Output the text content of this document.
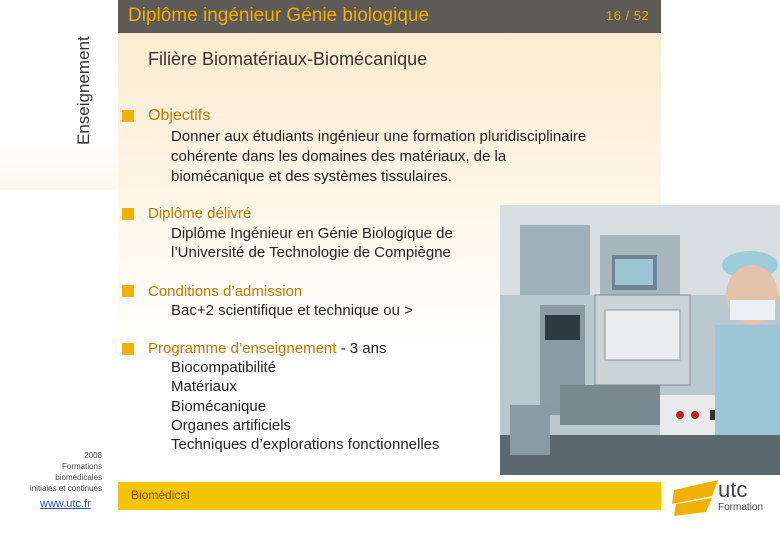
Enseignement
Diplôme ingénieur Génie biologique	16 / 52
Filière Biomatériaux-Biomécanique
Objectifs
Donner aux étudiants ingénieur une formation pluridisciplinaire
cohérente dans les domaines des matériaux, de la
biomécanique et des systèmes tissulaires.
Diplôme délivré
Diplôme Ingénieur en Génie Biologique de
l’Université de Technologie de Compiègne
Conditions d’admission
Bac+2 scientifique et technique ou >
Programme d’enseignement - 3 ans
Biocompatibilité
Matériaux
Biomécanique
Organes artificiels
Techniques d’explorations fonctionnelles
Biomédical
2008
Formations
biomédicales
initiales et continues
www.utc.fr
utc
Formation
